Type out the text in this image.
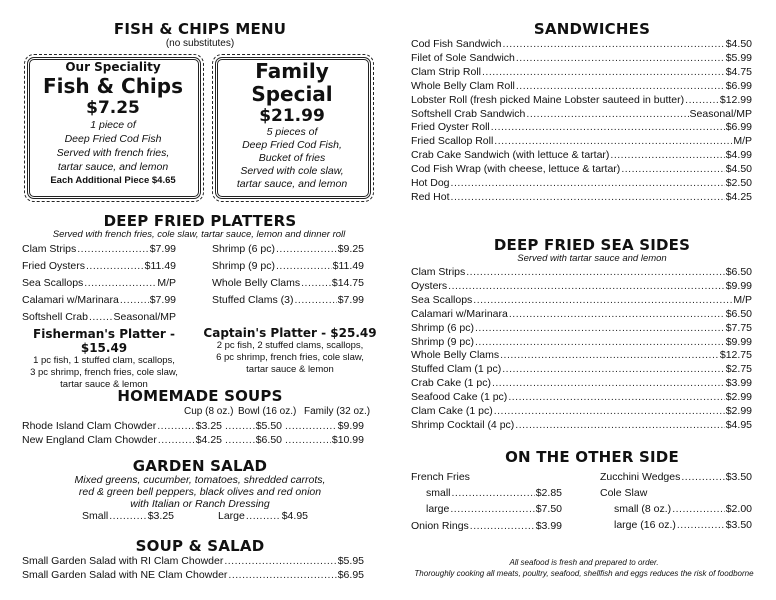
FISH & CHIPS MENU
(no substitutes)
Our Speciality
Fish & Chips
$7.25
1 piece of
Deep Fried Cod Fish
Served with french fries,
tartar sauce, and lemon
Each Additional Piece $4.65
Family
Special
$21.99
5 pieces of
Deep Fried Cod Fish,
Bucket of fries
Served with cole slaw,
tartar sauce, and lemon
DEEP FRIED PLATTERS
Served with french fries, cole slaw, tartar sauce, lemon and dinner roll
Clam Strips .....	$7.99
Fried Oysters .....	$11.49
Sea Scallops .....	M/P
Calamari w/Marinara .....	$7.99
Softshell Crab ..... Seasonal/MP
Shrimp (6 pc) .....	$9.25
Shrimp (9 pc) .....	$11.49
Whole Belly Clams .....	$14.75
Stuffed Clams (3) .....	$7.99
Fisherman's Platter - $15.49
1 pc fish, 1 stuffed clam, scallops,
3 pc shrimp, french fries, cole slaw,
tartar sauce & lemon
Captain's Platter - $25.49
2 pc fish, 2 stuffed clams, scallops,
6 pc shrimp, french fries, cole slaw,
tartar sauce & lemon
HOMEMADE SOUPS
Cup (8 oz.) Bowl (16 oz.) Family (32 oz.)
Rhode Island Clam Chowder .....	$3.25 .....	$5.50 .....	$9.99
New England Clam Chowder .....	$4.25 .....	$6.50 .....	$10.99
GARDEN SALAD
Mixed greens, cucumber, tomatoes, shredded carrots,
red & green bell peppers, black olives and red onion
with Italian or Ranch Dressing
Small .....	$3.25	Large .....	$4.95
SOUP & SALAD
Small Garden Salad with RI Clam Chowder .....	$5.95
Small Garden Salad with NE Clam Chowder .....	$6.95
SANDWICHES
Cod Fish Sandwich .....	$4.50
Filet of Sole Sandwich .....	$5.99
Clam Strip Roll .....	$4.75
Whole Belly Clam Roll .....	$6.99
Lobster Roll (fresh picked Maine Lobster sauteed in butter) .....	$12.99
Softshell Crab Sandwich .....	Seasonal/MP
Fried Oyster Roll .....	$6.99
Fried Scallop Roll .....	M/P
Crab Cake Sandwich (with lettuce & tartar) .....	$4.99
Cod Fish Wrap (with cheese, lettuce & tartar) .....	$4.50
Hot Dog .....	$2.50
Red Hot .....	$4.25
DEEP FRIED SEA SIDES
Served with tartar sauce and lemon
Clam Strips .....	$6.50
Oysters .....	$9.99
Sea Scallops .....	M/P
Calamari w/Marinara .....	$6.50
Shrimp (6 pc) .....	$7.75
Shrimp (9 pc) .....	$9.99
Whole Belly Clams .....	$12.75
Stuffed Clam (1 pc) .....	$2.75
Crab Cake (1 pc) .....	$3.99
Seafood Cake (1 pc) .....	$2.99
Clam Cake (1 pc) .....	$2.99
Shrimp Cocktail (4 pc) .....	$4.95
ON THE OTHER SIDE
French Fries
small .....	$2.85
large .....	$7.50
Onion Rings .....	$3.99
Zucchini Wedges .....	$3.50
Cole Slaw
small (8 oz.) .....	$2.00
large (16 oz.) .....	$3.50
All seafood is fresh and prepared to order.
Thoroughly cooking all meats, poultry, seafood, shellfish and eggs reduces the risk of foodborne
